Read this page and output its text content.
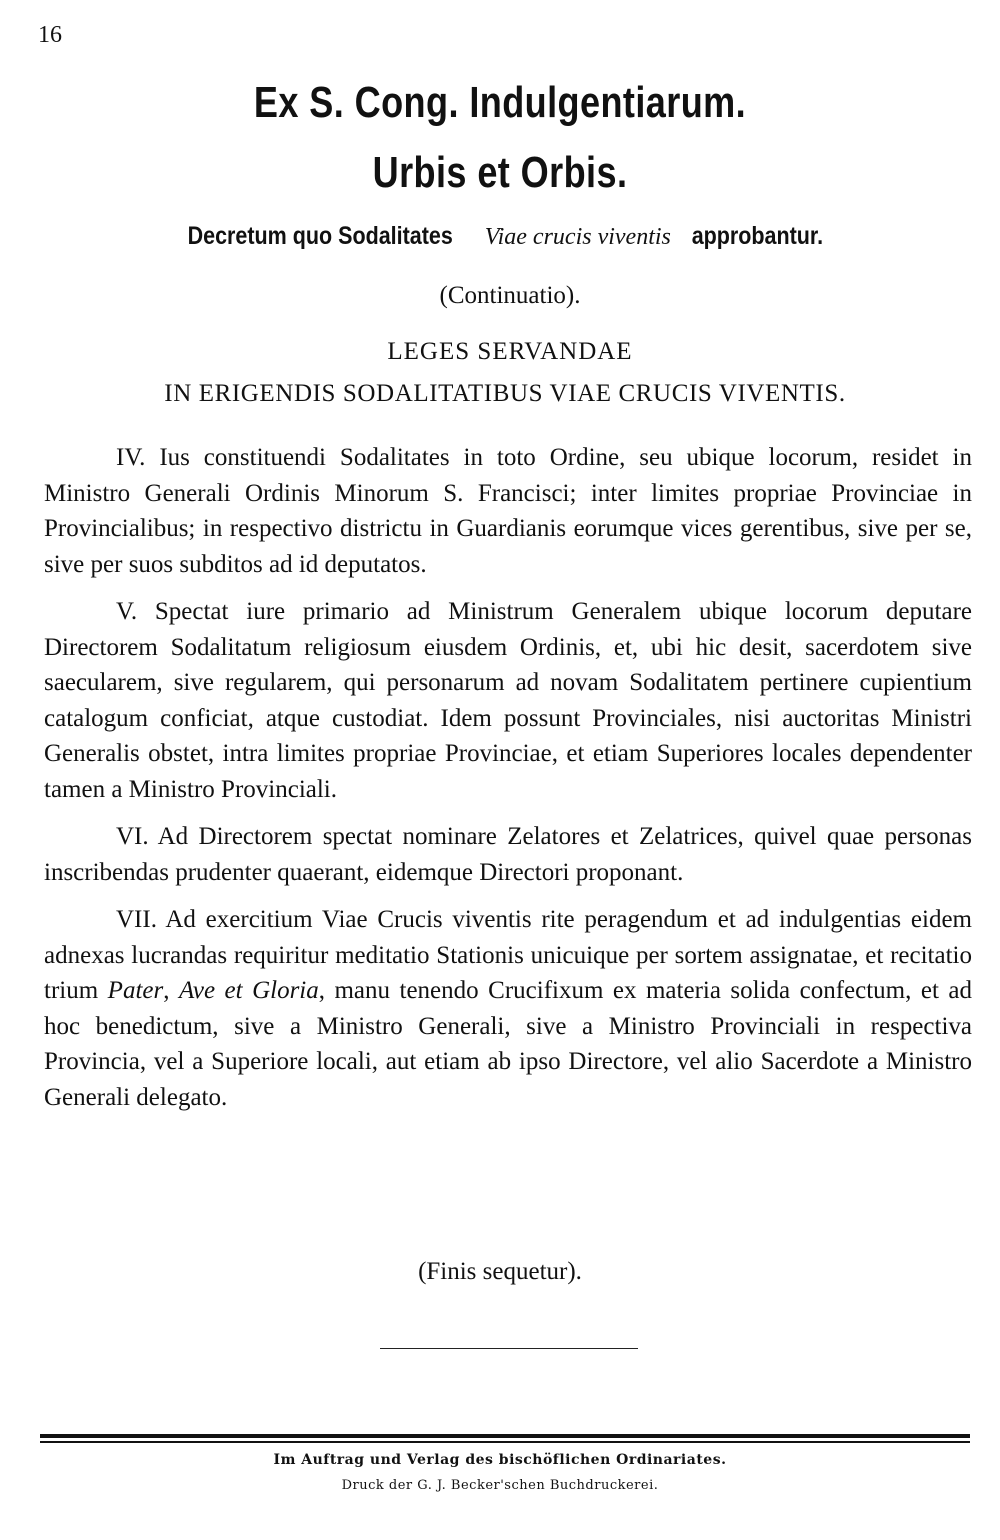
16
Ex S. Cong. Indulgentiarum.
Urbis et Orbis.
Decretum quo Sodalitates Viae crucis viventis approbantur.
(Continuatio).
LEGES SERVANDAE
IN ERIGENDIS SODALITATIBUS VIAE CRUCIS VIVENTIS.

IV. Ius constituendi Sodalitates in toto Ordine, seu ubique locorum, residet in Ministro Generali Ordinis Minorum S. Francisci; inter limites propriae Provinciae in Provincialibus; in respectivo districtu in Guardianis eorumque vices gerentibus, sive per se, sive per suos subditos ad id deputatos.

V. Spectat iure primario ad Ministrum Generalem ubique locorum deputare Directorem Sodalitatum religiosum eiusdem Ordinis, et, ubi hic desit, sacerdotem sive saecularem, sive regularem, qui personarum ad novam Sodalitatem pertinere cupientium catalogum conficiat, atque custodiat. Idem possunt Provinciales, nisi auctoritas Ministri Generalis obstet, intra limites propriae Provinciae, et etiam Superiores locales dependenter tamen a Ministro Provinciali.

VI. Ad Directorem spectat nominare Zelatores et Zelatrices, quivel quae personas inscribendas prudenter quaerant, eidemque Directori proponant.

VII. Ad exercitium Viae Crucis viventis rite peragendum et ad indulgentias eidem adnexas lucrandas requiritur meditatio Stationis unicuique per sortem assignatae, et recitatio trium Pater, Ave et Gloria, manu tenendo Crucifixum ex materia solida confectum, et ad hoc benedictum, sive a Ministro Generali, sive a Ministro Provinciali in respectiva Provincia, vel a Superiore locali, aut etiam ab ipso Directore, vel alio Sacerdote a Ministro Generali delegato.

(Finis sequetur).
Im Auftrag und Verlag des bischöflichen Ordinariates.
Druck der G. J. Becker'schen Buchdruckerei.
